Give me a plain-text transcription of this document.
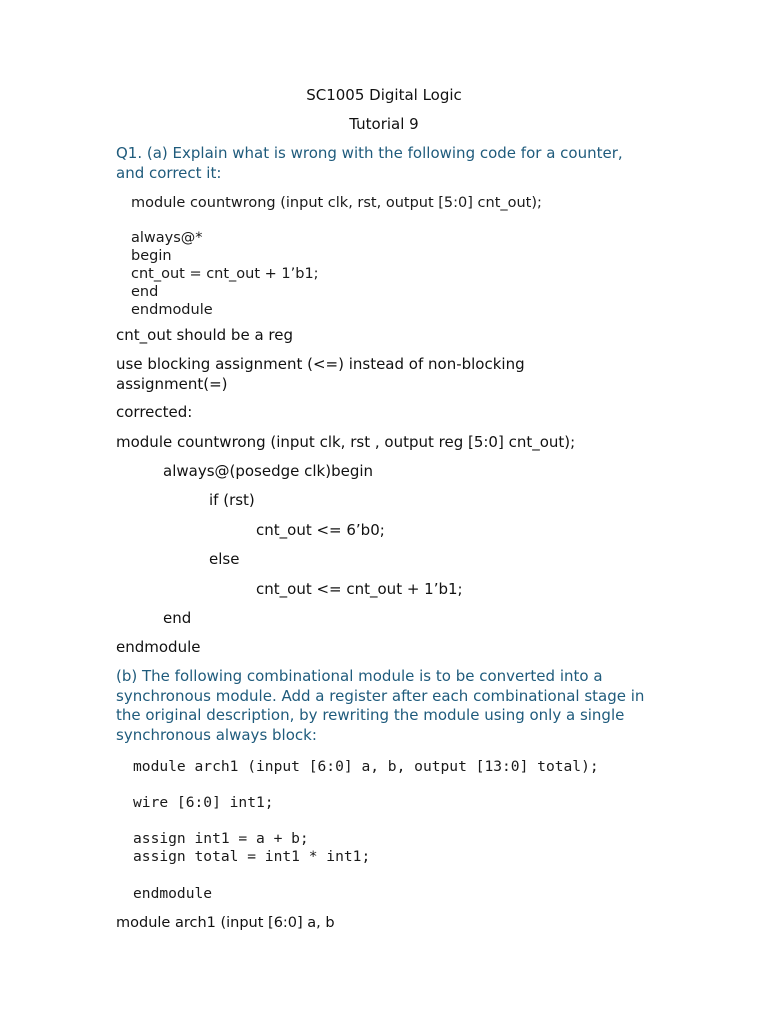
SC1005 Digital Logic
Tutorial 9
Q1. (a) Explain what is wrong with the following code for a counter, and correct it:
module countwrong (input clk, rst, output [5:0] cnt_out);
always@*
begin
cnt_out = cnt_out + 1’b1;
end
endmodule
cnt_out should be a reg
use blocking assignment (<=) instead of non-blocking assignment(=)
corrected:
module countwrong (input clk, rst , output reg [5:0] cnt_out);
always@(posedge clk)begin
if (rst)
cnt_out <= 6’b0;
else
cnt_out <= cnt_out + 1’b1;
end
endmodule
(b) The following combinational module is to be converted into a synchronous module. Add a register after each combinational stage in the original description, by rewriting the module using only a single synchronous always block:
module arch1 (input [6:0] a, b, output [13:0] total);
wire [6:0] int1;
assign int1 = a + b;
assign total = int1 * int1;
endmodule
module arch1 (input [6:0] a, b
